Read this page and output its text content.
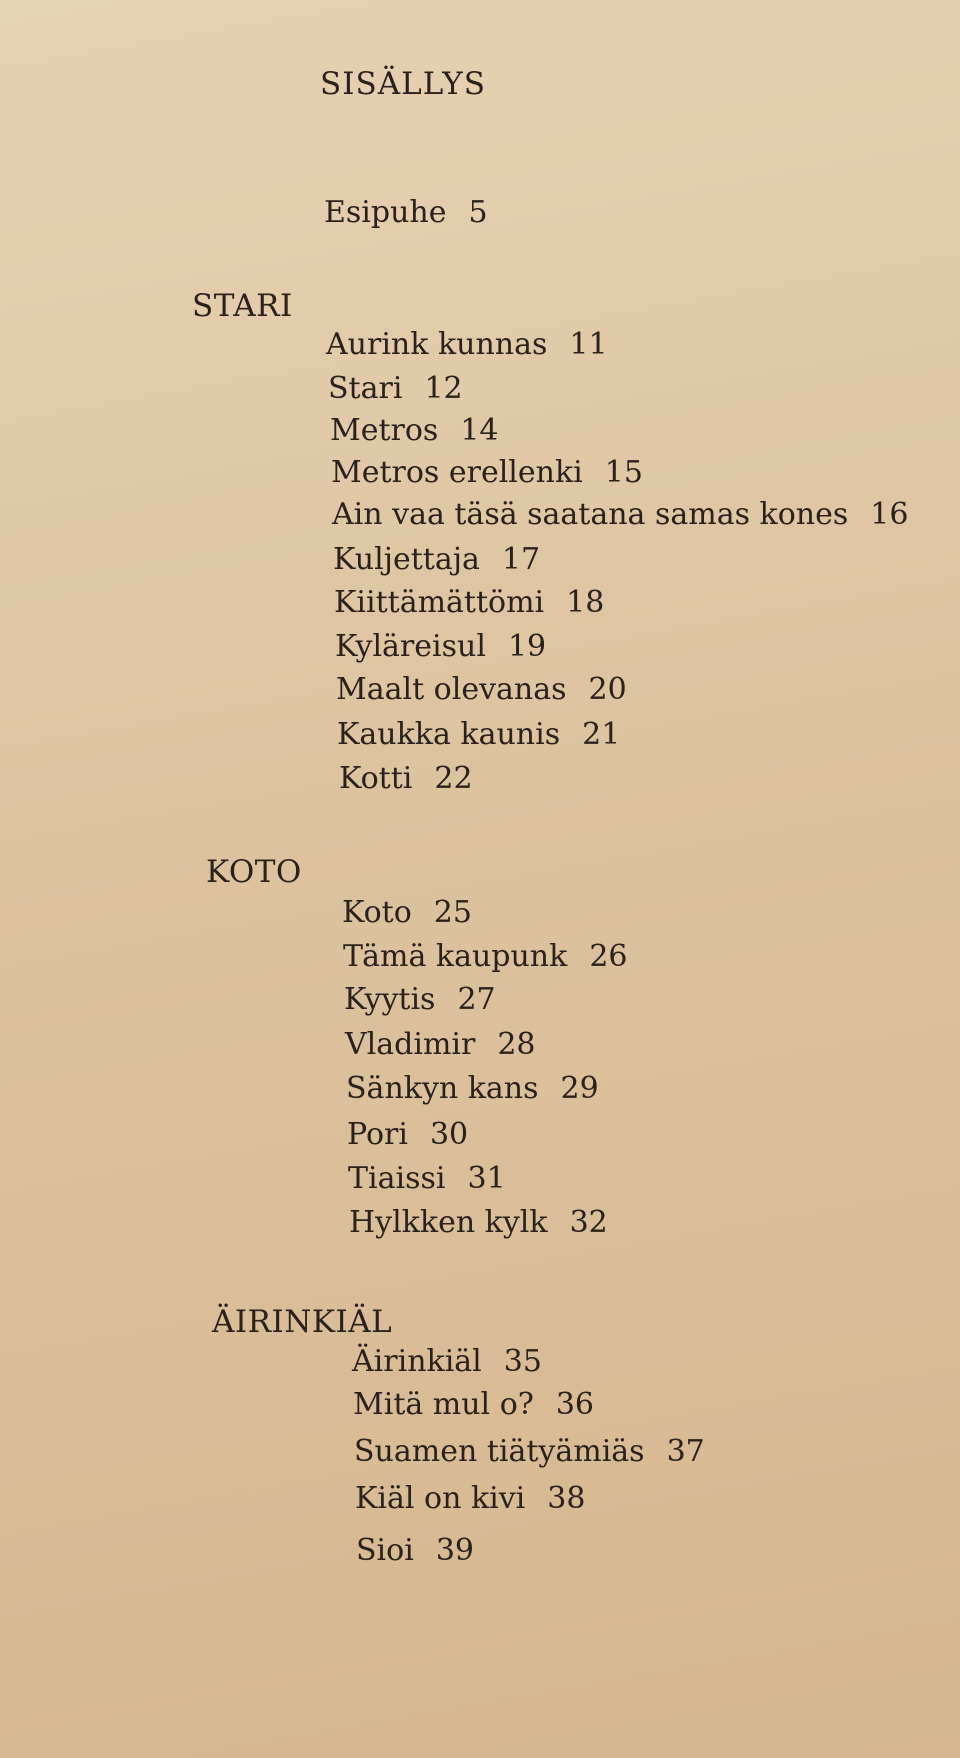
SISÄLLYS
Esipuhe 5
STARI
Aurink kunnas 11
Stari 12
Metros 14
Metros erellenki 15
Ain vaa täsä saatana samas kones 16
Kuljettaja 17
Kiittämättömi 18
Kyläreisul 19
Maalt olevanas 20
Kaukka kaunis 21
Kotti 22
KOTO
Koto 25
Tämä kaupunk 26
Kyytis 27
Vladimir 28
Sänkyn kans 29
Pori 30
Tiaissi 31
Hylkken kylk 32
ÄIRINKIÄL
Äirinkiäl 35
Mitä mul o? 36
Suamen tiätyämiäs 37
Kiäl on kivi 38
Sioi 39
